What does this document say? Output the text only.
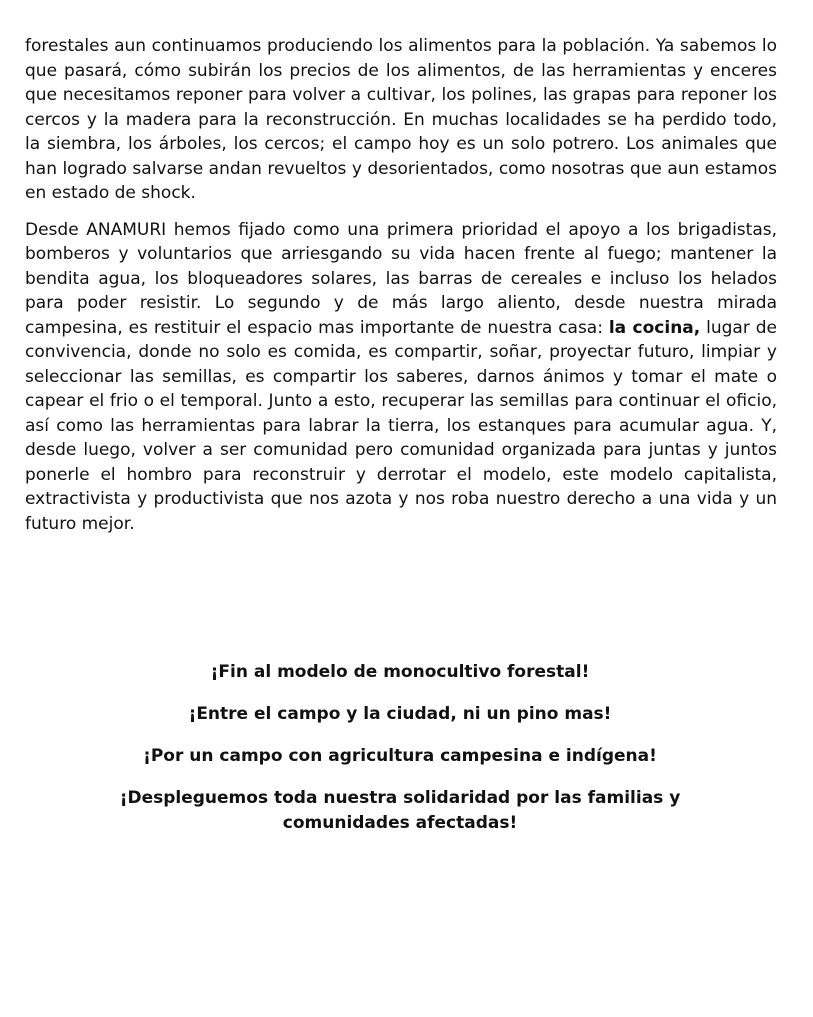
forestales aun continuamos produciendo los alimentos para la población. Ya sabemos lo que pasará, cómo subirán los precios de los alimentos, de las herramientas y enceres que necesitamos reponer para volver a cultivar, los polines, las grapas para reponer los cercos y la madera para la reconstrucción. En muchas localidades se ha perdido todo, la siembra, los árboles, los cercos; el campo hoy es un solo potrero. Los animales que han logrado salvarse andan revueltos y desorientados, como nosotras que aun estamos en estado de shock.

Desde ANAMURI hemos fijado como una primera prioridad el apoyo a los brigadistas, bomberos y voluntarios que arriesgando su vida hacen frente al fuego; mantener la bendita agua, los bloqueadores solares, las barras de cereales e incluso los helados para poder resistir. Lo segundo y de más largo aliento, desde nuestra mirada campesina, es restituir el espacio mas importante de nuestra casa: la cocina, lugar de convivencia, donde no solo es comida, es compartir, soñar, proyectar futuro, limpiar y seleccionar las semillas, es compartir los saberes, darnos ánimos y tomar el mate o capear el frio o el temporal. Junto a esto, recuperar las semillas para continuar el oficio, así como las herramientas para labrar la tierra, los estanques para acumular agua. Y, desde luego, volver a ser comunidad pero comunidad organizada para juntas y juntos ponerle el hombro para reconstruir y derrotar el modelo, este modelo capitalista, extractivista y productivista que nos azota y nos roba nuestro derecho a una vida y un futuro mejor.

¡Fin al modelo de monocultivo forestal!

¡Entre el campo y la ciudad, ni un pino mas!

¡Por un campo con agricultura campesina e indígena!

¡Despleguemos toda nuestra solidaridad por las familias y comunidades afectadas!
